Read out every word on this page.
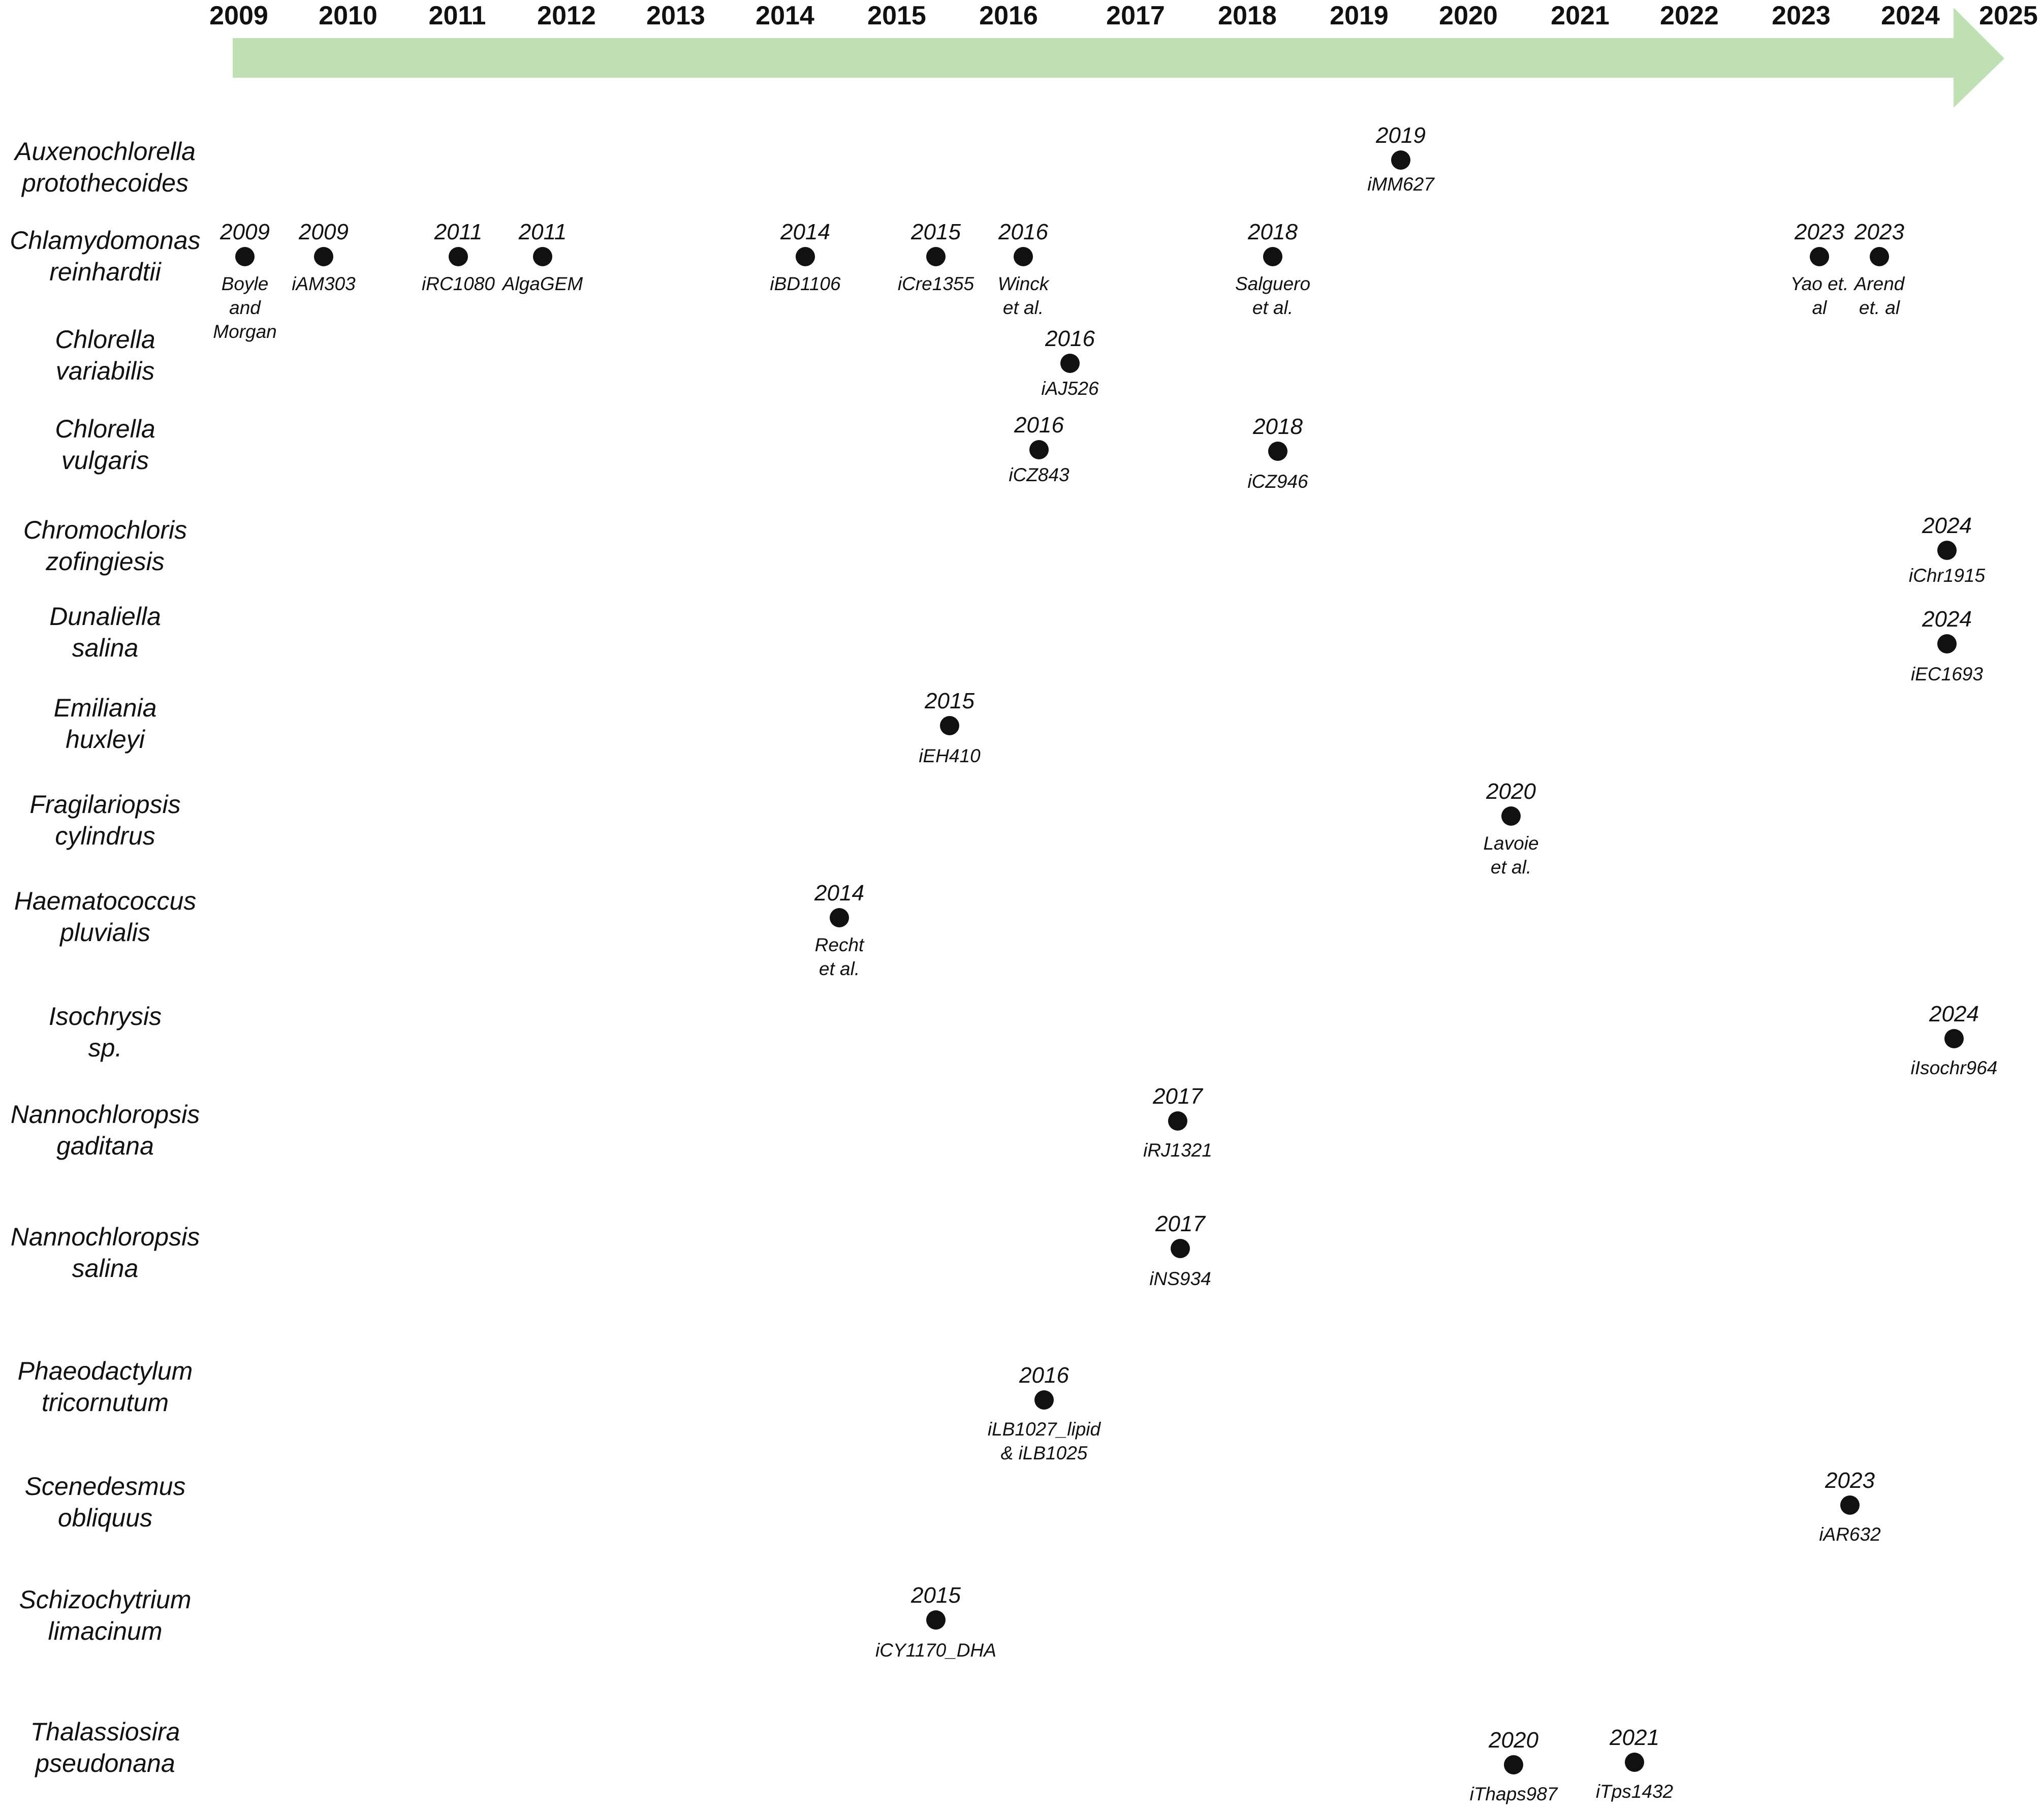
2009 2010 2011 2012 2013 2014 2015 2016	2017 2018 2019 2020 2021 2022 2023 2024 2025
Auxenochlorella protothecoides
Chlamydomonas reinhardtii
Chlorella variabilis
Chlorella vulgaris
Chromochloris zofingiesis
Dunaliella salina
Emiliania huxleyi
Fragilariopsis cylindrus
Haematococcus pluvialis
Isochrysis sp.
Nannochloropsis gaditana
Nannochloropsis salina
Phaeodactylum tricornutum
Scenedesmus obliquus
Schizochytrium limacinum
Thalassiosira pseudonana
2019
iMM627
2009
Boyle and Morgan
2009
iAM303
2011
iRC1080
2011
AlgaGEM
2014
iBD1106
2015
iCre1355
2016
Winck et al.
2018
Salguero et al.
2023
Yao et. al
2023
Arend et. al
2016
iAJ526
2016
iCZ843
2018
iCZ946
2024
iChr1915
2024
iEC1693
2015
iEH410
2020
Lavoie et al.
2014
Recht et al.
2024
iIsochr964
2017
iRJ1321
2017
iNS934
2016
iLB1027_lipid & iLB1025
2023
iAR632
2015
iCY1170_DHA
2020
iThaps987
2021
iTps1432
